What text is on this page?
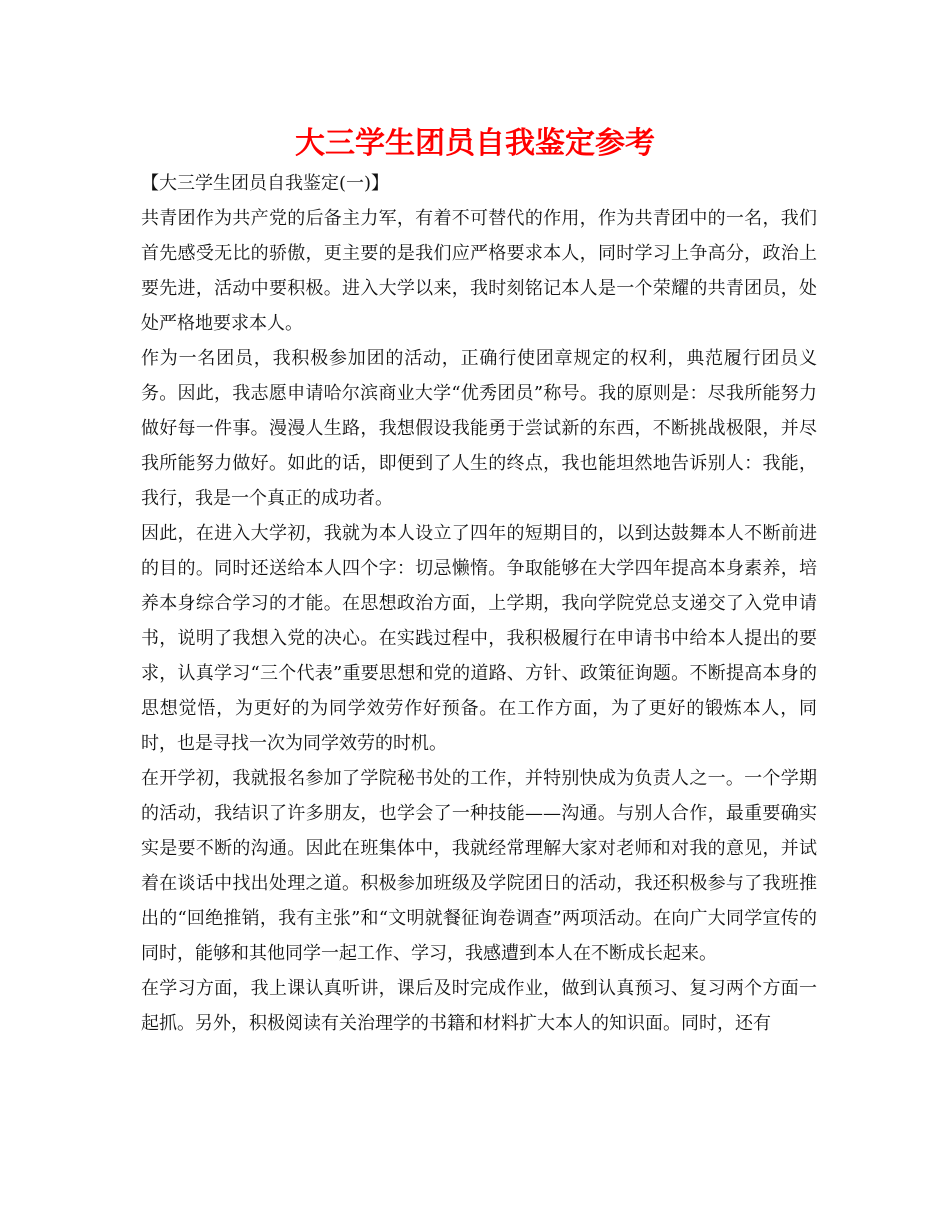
大三学生团员自我鉴定参考
【大三学生团员自我鉴定(一)】

共青团作为共产党的后备主力军，有着不可替代的作用，作为共青团中的一名，我们首先感受无比的骄傲，更主要的是我们应严格要求本人，同时学习上争高分，政治上要先进，活动中要积极。进入大学以来，我时刻铭记本人是一个荣耀的共青团员，处处严格地要求本人。

作为一名团员，我积极参加团的活动，正确行使团章规定的权利，典范履行团员义务。因此，我志愿申请哈尔滨商业大学“优秀团员”称号。我的原则是：尽我所能努力做好每一件事。漫漫人生路，我想假设我能勇于尝试新的东西，不断挑战极限，并尽我所能努力做好。如此的话，即便到了人生的终点，我也能坦然地告诉别人：我能，我行，我是一个真正的成功者。

因此，在进入大学初，我就为本人设立了四年的短期目的，以到达鼓舞本人不断前进的目的。同时还送给本人四个字：切忌懒惰。争取能够在大学四年提高本身素养，培养本身综合学习的才能。在思想政治方面，上学期，我向学院党总支递交了入党申请书，说明了我想入党的决心。在实践过程中，我积极履行在申请书中给本人提出的要求，认真学习“三个代表”重要思想和党的道路、方针、政策征询题。不断提高本身的思想觉悟，为更好的为同学效劳作好预备。在工作方面，为了更好的锻炼本人，同时，也是寻找一次为同学效劳的时机。

在开学初，我就报名参加了学院秘书处的工作，并特别快成为负责人之一。一个学期的活动，我结识了许多朋友，也学会了一种技能——沟通。与别人合作，最重要确实实是要不断的沟通。因此在班集体中，我就经常理解大家对老师和对我的意见，并试着在谈话中找出处理之道。积极参加班级及学院团日的活动，我还积极参与了我班推出的“回绝推销，我有主张”和“文明就餐征询卷调查”两项活动。在向广大同学宣传的同时，能够和其他同学一起工作、学习，我感遭到本人在不断成长起来。

在学习方面，我上课认真听讲，课后及时完成作业，做到认真预习、复习两个方面一起抓。另外，积极阅读有关治理学的书籍和材料扩大本人的知识面。同时，还有
